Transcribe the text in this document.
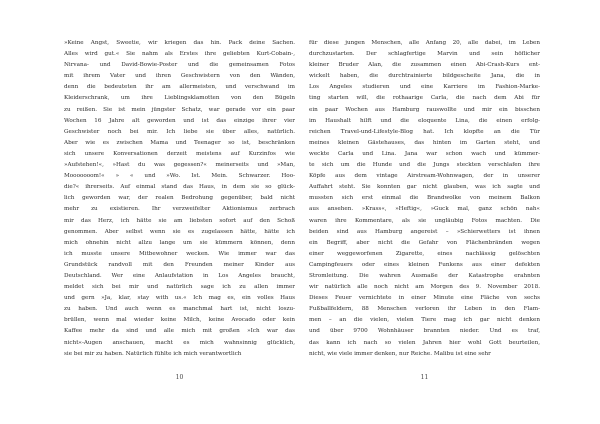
»Keine Angst, Sweetie, wir kriegen das hin. Pack deine Sachen.

Alles wird gut.« Sie nahm als Erstes ihre geliebten Kurt-Cobain-,

Nirvana- und David-Bowie-Poster und die gemeinsamen Fotos

mit ihrem Vater und ihren Geschwistern von den Wänden,

denn die bedeuteten ihr am allermeisten, und verschwand im

Kleiderschrank, um ihre Lieblingsklamotten von den Bügeln

zu reißen. Sie ist mein jüngster Schatz, war gerade vor ein paar

Wochen 16 Jahre alt geworden und ist das einzige ihrer vier

Geschwister noch bei mir. Ich liebe sie über alles, natürlich.

Aber wie es zwischen Mama und Teenager so ist, beschränken

sich unsere Konversationen derzeit meistens auf Kurzinfos wie

»Aufstehen!«, »Hast du was gegessen?« meinerseits und »Man,

Mooooooom!« » « und »Wo. Ist. Mein. Schwarzer. Hoo-

die?« ihrerseits. Auf einmal stand das Haus, in dem sie so glück-

lich geworden war, der realen Bedrohung gegenüber, bald nicht

mehr zu existieren. Ihr verzweifelter Aktionismus zerbrach

mir das Herz, ich hätte sie am liebsten sofort auf den Schoß

genommen. Aber selbst wenn sie es zugelassen hätte, hätte ich

mich ohnehin nicht allzu lange um sie kümmern können, denn

ich musste unsere Mitbewohner wecken. Wie immer war das

Grundstück randvoll mit den Freunden meiner Kinder aus

Deutschland. Wer eine Anlaufstation in Los Angeles braucht,

meldet sich bei mir und natürlich sage ich zu allen immer

und gern »Ja, klar, stay with us.« Ich mag es, ein volles Haus

zu haben. Und auch wenn es manchmal hart ist, nicht loszu-

brüllen, wenn mal wieder keine Milch, keine Avocado oder kein

Kaffee mehr da sind und alle mich mit großen »Ich war das

nicht«-Augen anschauen, macht es mich wahnsinnig glücklich,

sie bei mir zu haben. Natürlich fühlte ich mich verantwortlich

10

für diese jungen Menschen, alle Anfang 20, alle dabei, im Leben

durchzustarten. Der schlagfertige Marvin und sein höflicher

kleiner Bruder Alan, die zusammen einen Abi-Crash-Kurs ent-

wickelt haben, die durchtrainierte bildgescheite Jana, die in

Los Angeles studieren und eine Karriere im Fashion-Marke-

ting starten will, die rothaarige Carla, die nach dem Abi für

ein paar Wochen aus Hamburg rauswollte und mir ein bisschen

im Haushalt hilft und die eloquente Lina, die einen erfolg-

reichen Travel-und-Lifestyle-Blog hat. Ich klopfte an die Tür

meines kleinen Gästehauses, das hinten im Garten steht, und

weckte Carla und Lina. Jana war schon wach und kümmer-

te sich um die Hunde und die Jungs steckten verschlafen ihre

Köpfe aus dem vintage Airstream-Wohnwagen, der in unserer

Auffahrt steht. Sie konnten gar nicht glauben, was ich sagte und

mussten sich erst einmal die Brandwolke von meinem Balkon

aus ansehen. »Krass«, »Heftig«, »Guck mal, ganz schön nah«

waren ihre Kommentare, als sie ungläubig Fotos machten. Die

beiden sind aus Hamburg angereist – »Schierwetters ist ihnen

ein Begriff, aber nicht die Gefahr von Flächenbränden wegen

einer weggeworfenen Zigarette, eines nachlässig gelöschten

Campingfeuers oder eines kleinen Funkens aus einer defekten

Stromleitung. Die wahren Ausmaße der Katastrophe erahnten

wir natürlich alle noch nicht am Morgen des 9. November 2018.

Dieses Feuer vernichtete in einer Minute eine Fläche von sechs

Fußballfeldern, 88 Menschen verloren ihr Leben in den Flam-

men – an die vielen, vielen Tiere mag ich gar nicht denken

und über 9700 Wohnhäuser brannten nieder. Und es traf,

das kann ich nach so vielen Jahren hier wohl Gott beurteilen,

nicht, wie viele immer denken, nur Reiche. Malibu ist eine sehr

11
